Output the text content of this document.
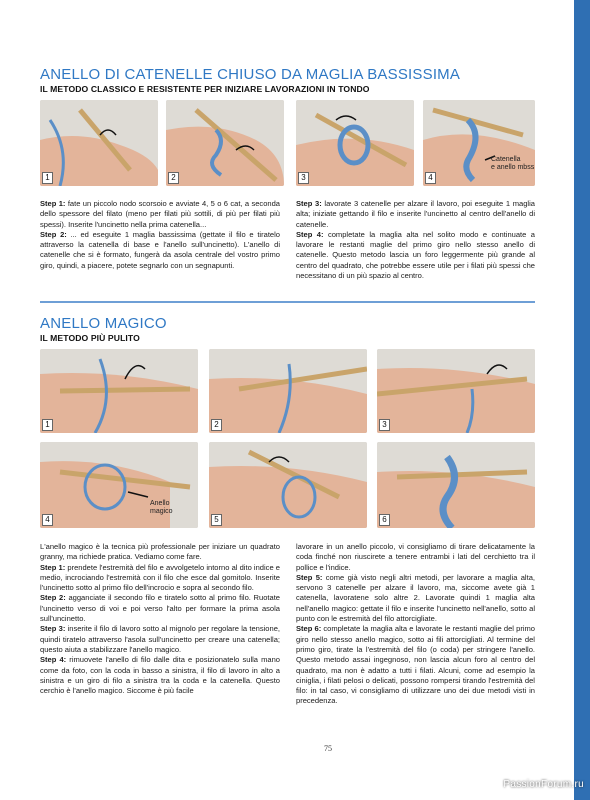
ANELLO DI CATENELLE CHIUSO DA MAGLIA BASSISSIMA
IL METODO CLASSICO E RESISTENTE PER INIZIARE LAVORAZIONI IN TONDO
1	2	3
Catenella
e anello mbss
4

Step 1: fate un piccolo nodo scorsoio e avviate 4, 5 o 6 cat, a seconda dello spessore del filato (meno per filati più sottili, di più per filati più spessi). Inserite l'uncinetto nella prima catenella...

Step 2: ... ed eseguite 1 maglia bassissima (gettate il filo e tiratelo attraverso la catenella di base e l'anello sull'uncinetto). L'anello di catenelle che si è formato, fungerà da asola centrale del vostro primo giro, quindi, a piacere, potete segnarlo con un segnapunti.

Step 3: lavorate 3 catenelle per alzare il lavoro, poi eseguite 1 maglia alta; iniziate gettando il filo e inserite l'uncinetto al centro dell'anello di catenelle.

Step 4: completate la maglia alta nel solito modo e continuate a lavorare le restanti maglie del primo giro nello stesso anello di catenelle. Questo metodo lascia un foro leggermente più grande al centro del quadrato, che potrebbe essere utile per i filati più spessi che necessitano di un più spazio al centro.

ANELLO MAGICO
IL METODO PIÙ PULITO
1	2	3
Anello
magico
4	5	6

L'anello magico è la tecnica più professionale per iniziare un quadrato granny, ma richiede pratica. Vediamo come fare.

Step 1: prendete l'estremità del filo e avvolgetelo intorno al dito indice e medio, incrociando l'estremità con il filo che esce dal gomitolo. Inserite l'uncinetto sotto al primo filo dell'incrocio e sopra al secondo filo.

Step 2: agganciate il secondo filo e tiratelo sotto al primo filo. Ruotate l'uncinetto verso di voi e poi verso l'alto per formare la prima asola sull'uncinetto.

Step 3: inserite il filo di lavoro sotto al mignolo per regolare la tensione, quindi tiratelo attraverso l'asola sull'uncinetto per creare una catenella; questo aiuta a stabilizzare l'anello magico.

Step 4: rimuovete l'anello di filo dalle dita e posizionatelo sulla mano come da foto, con la coda in basso a sinistra, il filo di lavoro in alto a sinistra e un giro di filo a sinistra tra la coda e la catenella. Questo cerchio è l'anello magico. Siccome è più facile

lavorare in un anello piccolo, vi consigliamo di tirare delicatamente la coda finché non riuscirete a tenere entrambi i lati del cerchietto tra il pollice e l'indice.

Step 5: come già visto negli altri metodi, per lavorare a maglia alta, servono 3 catenelle per alzare il lavoro, ma, siccome avete già 1 catenella, lavoratene solo altre 2. Lavorate quindi 1 maglia alta nell'anello magico: gettate il filo e inserite l'uncinetto nell'anello, sotto al punto con le estremità del filo attorcigliate.

Step 6: completate la maglia alta e lavorate le restanti maglie del primo giro nello stesso anello magico, sotto ai fili attorcigliati. Al termine del primo giro, tirate la l'estremità del filo (o coda) per stringere l'anello. Questo metodo assai ingegnoso, non lascia alcun foro al centro del quadrato, ma non è adatto a tutti i filati. Alcuni, come ad esempio la ciniglia, i filati pelosi o delicati, possono rompersi tirando l'estremità del filo: in tal caso, vi consigliamo di utilizzare uno dei due metodi visti in precedenza.

75
PassionForum.ru
